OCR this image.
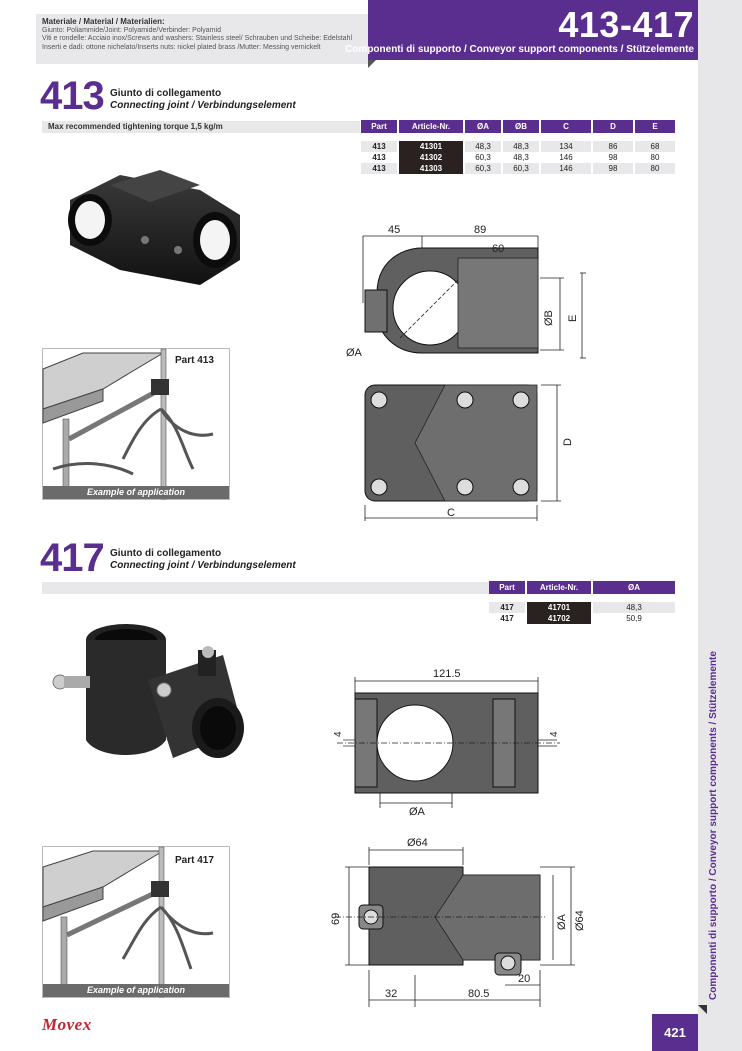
Materiale / Material / Materialien:
Giunto: Poliammide/Joint: Polyamide/Verbinder: Polyamid
Viti e rondelle: Acciaio inox/Screws and washers: Stainless steel/ Schrauben und Scheibe: Edelstahl
Inserti e dadi: ottone nichelato/Inserts nuts: nickel plated brass /Mutter: Messing vernickelt
413-417
Componenti di supporto / Conveyor support components / Stützelemente
Componenti di supporto / Conveyor support components / Stützelemente
413 Giunto di collegamento
Connecting joint / Verbindungselement
Max recommended tightening torque 1,5 kg/m	Part	Article-Nr.	ØA	ØB	C	D	E

413	41301	48,3	48,3	134	86	68
413	41302	60,3	48,3	146	98	80
413	41303	60,3	60,3	146	98	80
Part 413
Example of application
45	89
60
ØA
ØB E
C
D
417 Giunto di collegamento
Connecting joint / Verbindungselement
Part	Article-Nr.	ØA

417	41701	48,3
417	41702	50,9
Part 417
Example of application
121.5
4	4
ØA
Ø64
69	ØA Ø64
20
32	80.5
Movex	421
